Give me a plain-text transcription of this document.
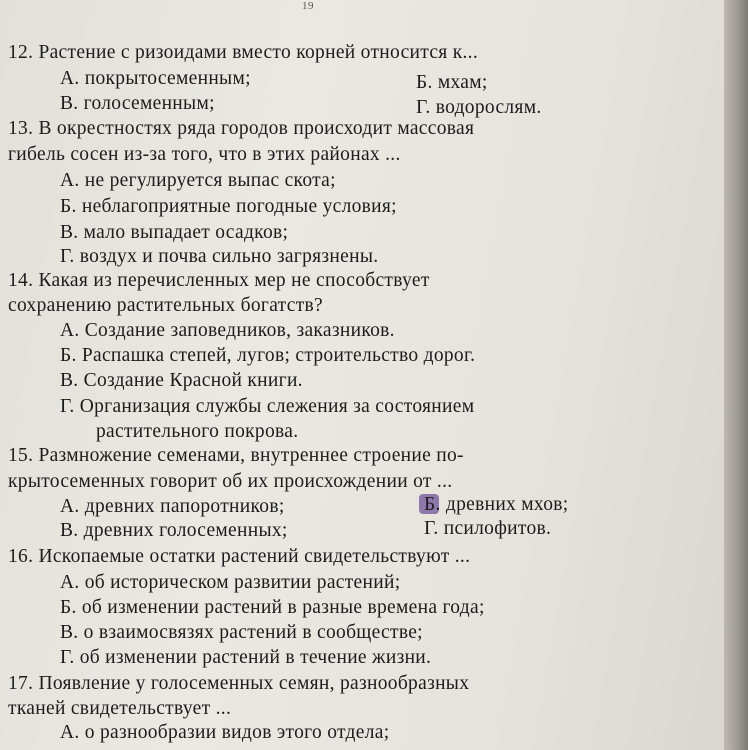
19
12. Растение с ризоидами вместо корней относится к...
А. покрытосеменным;	Б. мхам;
В. голосеменным;	Г. водорослям.
13. В окрестностях ряда городов происходит массовая
гибель сосен из-за того, что в этих районах ...
А. не регулируется выпас скота;
Б. неблагоприятные погодные условия;
В. мало выпадает осадков;
Г. воздух и почва сильно загрязнены.
14. Какая из перечисленных мер не способствует
сохранению растительных богатств?
А. Создание заповедников, заказников.
Б. Распашка степей, лугов; строительство дорог.
В. Создание Красной книги.
Г. Организация службы слежения за состоянием
растительного покрова.
15. Размножение семенами, внутреннее строение по-
крытосеменных говорит об их происхождении от ...
А. древних папоротников;	Б. древних мхов;
В. древних голосеменных;	Г. псилофитов.
16. Ископаемые остатки растений свидетельствуют ...
А. об историческом развитии растений;
Б. об изменении растений в разные времена года;
В. о взаимосвязях растений в сообществе;
Г. об изменении растений в течение жизни.
17. Появление у голосеменных семян, разнообразных
тканей свидетельствует ...
А. о разнообразии видов этого отдела;
